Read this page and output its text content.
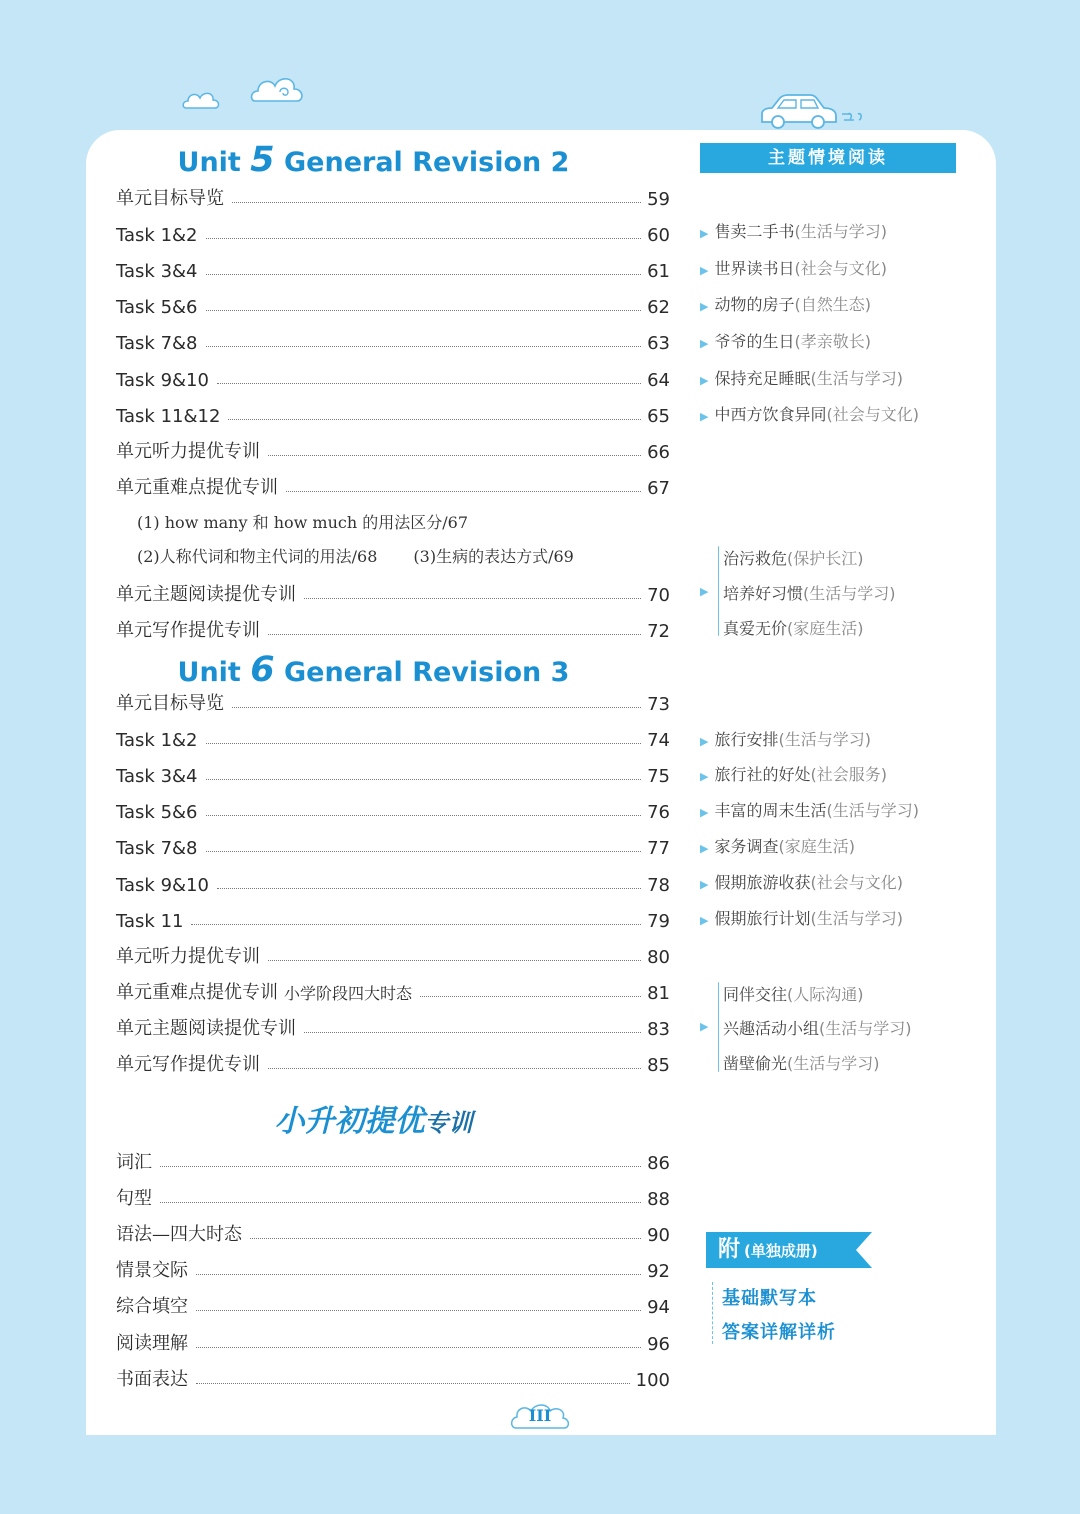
Unit 5 General Revision 2
单元目标导览	59
Task 1&2	60
Task 3&4	61
Task 5&6	62
Task 7&8	63
Task 9&10	64
Task 11&12	65
单元听力提优专训	66
单元重难点提优专训	67
(1) how many 和 how much 的用法区分/67
(2)人称代词和物主代词的用法/68 (3)生病的表达方式/69
单元主题阅读提优专训	70
单元写作提优专训	72
Unit 6 General Revision 3
单元目标导览	73
Task 1&2	74
Task 3&4	75
Task 5&6	76
Task 7&8	77
Task 9&10	78
Task 11	79
单元听力提优专训	80
单元重难点提优专训 小学阶段四大时态	81
单元主题阅读提优专训	83
单元写作提优专训	85
小升初提优专训
词汇	86
句型	88
语法—四大时态	90
情景交际	92
综合填空	94
阅读理解	96
书面表达	100
主题情境阅读
▶ 售卖二手书(生活与学习)
▶ 世界读书日(社会与文化)
▶ 动物的房子(自然生态)
▶ 爷爷的生日(孝亲敬长)
▶ 保持充足睡眠(生活与学习)
▶ 中西方饮食异同(社会与文化)
▶
治污救危(保护长江)
培养好习惯(生活与学习)
真爱无价(家庭生活)
▶ 旅行安排(生活与学习)
▶ 旅行社的好处(社会服务)
▶ 丰富的周末生活(生活与学习)
▶ 家务调查(家庭生活)
▶ 假期旅游收获(社会与文化)
▶ 假期旅行计划(生活与学习)
▶
同伴交往(人际沟通)
兴趣活动小组(生活与学习)
凿壁偷光(生活与学习)
附 (单独成册)
基础默写本
答案详解详析
III
